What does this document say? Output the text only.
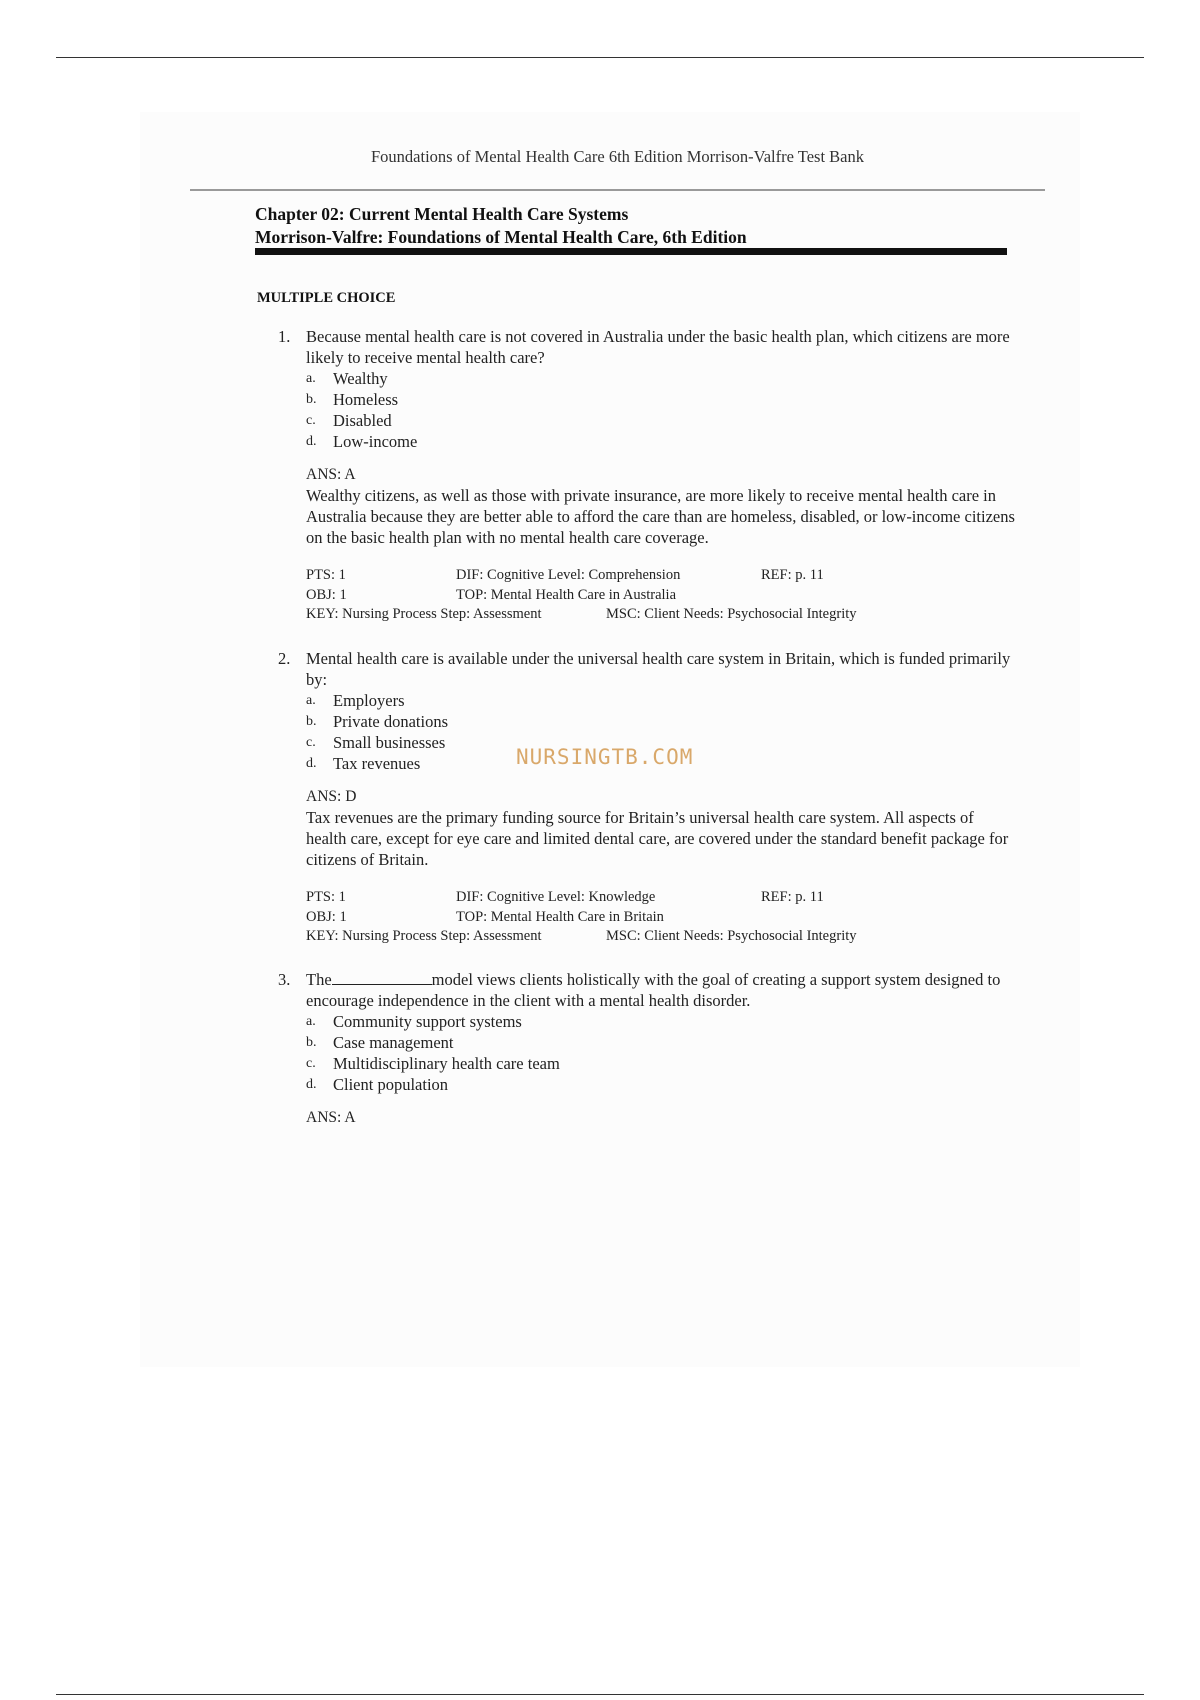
Foundations of Mental Health Care 6th Edition Morrison-Valfre Test Bank
Chapter 02: Current Mental Health Care Systems
Morrison-Valfre: Foundations of Mental Health Care, 6th Edition
MULTIPLE CHOICE
1. Because mental health care is not covered in Australia under the basic health plan, which citizens are more likely to receive mental health care?
a. Wealthy
b. Homeless
c. Disabled
d. Low-income
ANS: A
Wealthy citizens, as well as those with private insurance, are more likely to receive mental health care in Australia because they are better able to afford the care than are homeless, disabled, or low-income citizens on the basic health plan with no mental health care coverage.
PTS: 1	DIF: Cognitive Level: Comprehension	REF: p. 11
OBJ: 1	TOP: Mental Health Care in Australia
KEY: Nursing Process Step: Assessment	MSC: Client Needs: Psychosocial Integrity
2. Mental health care is available under the universal health care system in Britain, which is funded primarily by:
a. Employers
b. Private donations
c. Small businesses
d. Tax revenues
ANS: D
Tax revenues are the primary funding source for Britain’s universal health care system. All aspects of health care, except for eye care and limited dental care, are covered under the standard benefit package for citizens of Britain.
PTS: 1	DIF: Cognitive Level: Knowledge	REF: p. 11
OBJ: 1	TOP: Mental Health Care in Britain
KEY: Nursing Process Step: Assessment	MSC: Client Needs: Psychosocial Integrity
NURSINGTB.COM
3. The	model views clients holistically with the goal of creating a support system designed to encourage independence in the client with a mental health disorder.
a. Community support systems
b. Case management
c. Multidisciplinary health care team
d. Client population
ANS: A
